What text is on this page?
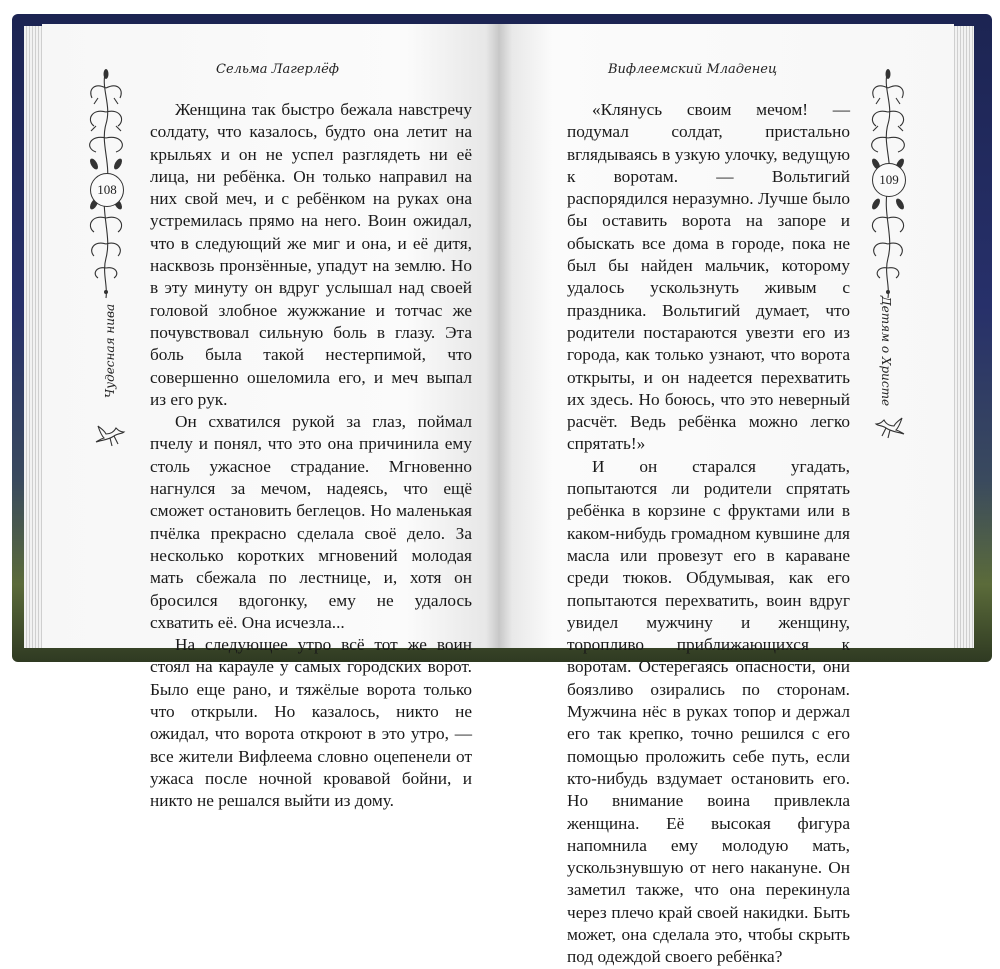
Сельма Лагерлёф
108
Чудесная нива

Женщина так быстро бежала навстречу солдату, что казалось, будто она летит на крыльях и он не успел разглядеть ни её лица, ни ребёнка. Он только направил на них свой меч, и с ребёнком на руках она устремилась прямо на него. Воин ожидал, что в следующий же миг и она, и её дитя, насквозь пронзённые, упадут на землю. Но в эту минуту он вдруг услышал над своей головой злобное жужжание и тотчас же почувствовал сильную боль в глазу. Эта боль была такой нестерпимой, что совершенно ошеломила его, и меч выпал из его рук.

Он схватился рукой за глаз, поймал пчелу и понял, что это она причинила ему столь ужасное страдание. Мгновенно нагнулся за мечом, надеясь, что ещё сможет остановить беглецов. Но маленькая пчёлка прекрасно сделала своё дело. За несколько коротких мгновений молодая мать сбежала по лестнице, и, хотя он бросился вдогонку, ему не удалось схватить её. Она исчезла...

На следующее утро всё тот же воин стоял на карауле у самых городских ворот. Было еще рано, и тяжёлые ворота только что открыли. Но казалось, никто не ожидал, что ворота откроют в это утро, — все жители Вифлеема словно оцепенели от ужаса после ночной кровавой бойни, и никто не решался выйти из дому.

Вифлеемский Младенец
109
Детям о Христе

«Клянусь своим мечом! — подумал солдат, пристально вглядываясь в узкую улочку, ведущую к воротам. — Вольтигий распорядился неразумно. Лучше было бы оставить ворота на запоре и обыскать все дома в городе, пока не был бы найден мальчик, которому удалось ускользнуть живым с праздника. Вольтигий думает, что родители постараются увезти его из города, как только узнают, что ворота открыты, и он надеется перехватить их здесь. Но боюсь, что это неверный расчёт. Ведь ребёнка можно легко спрятать!»

И он старался угадать, попытаются ли родители спрятать ребёнка в корзине с фруктами или в каком-нибудь громадном кувшине для масла или провезут его в караване среди тюков. Обдумывая, как его попытаются перехватить, воин вдруг увидел мужчину и женщину, торопливо приближающихся к воротам. Остерегаясь опасности, они боязливо озирались по сторонам. Мужчина нёс в руках топор и держал его так крепко, точно решился с его помощью проложить себе путь, если кто-нибудь вздумает остановить его. Но внимание воина привлекла женщина. Её высокая фигура напомнила ему молодую мать, ускользнувшую от него накануне. Он заметил также, что она перекинула через плечо край своей накидки. Быть может, она сделала это, чтобы скрыть под одеждой своего ребёнка?
